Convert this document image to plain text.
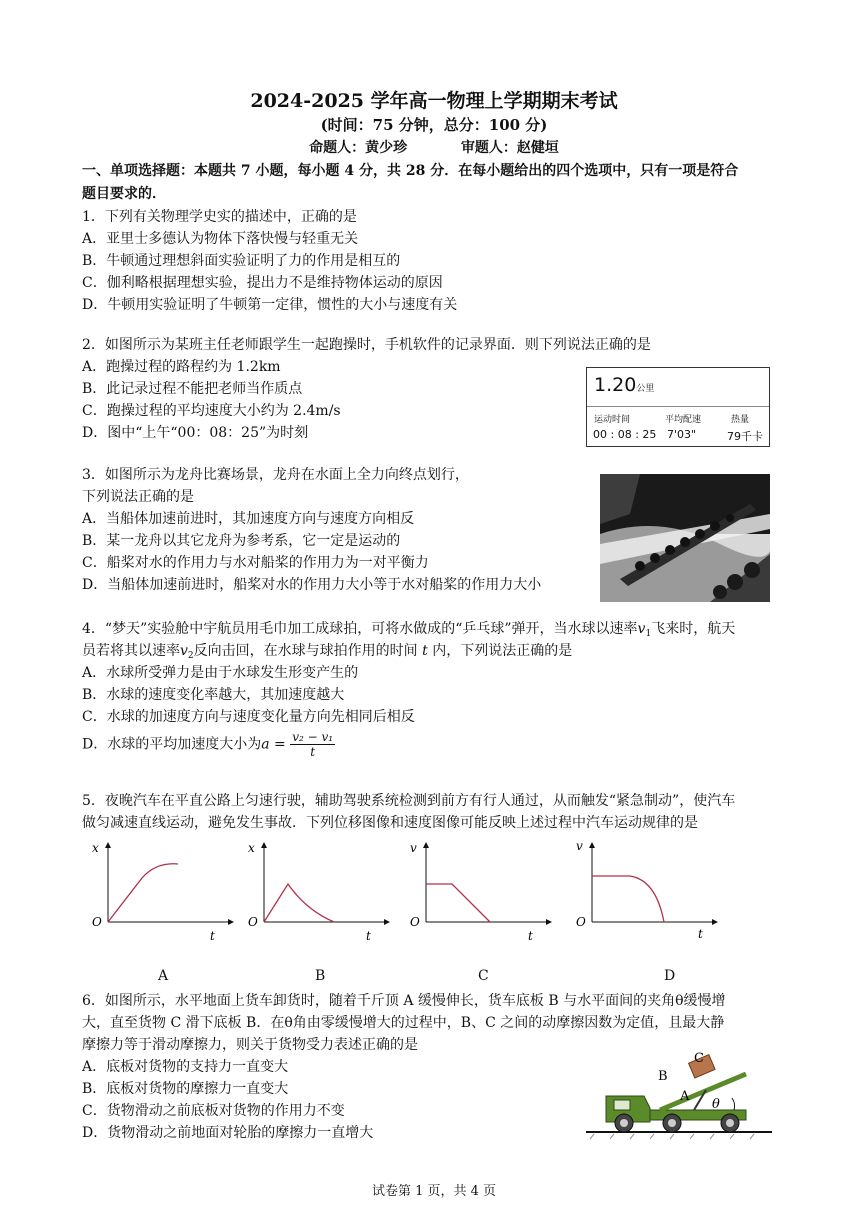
2024-2025 学年高一物理上学期期末考试
(时间：75 分钟，总分：100 分)
命题人：黄少珍	审题人：赵健垣
一、单项选择题：本题共 7 小题，每小题 4 分，共 28 分．在每小题给出的四个选项中，只有一项是符合
题目要求的．
1．下列有关物理学史实的描述中，正确的是
A．亚里士多德认为物体下落快慢与轻重无关
B．牛顿通过理想斜面实验证明了力的作用是相互的
C．伽利略根据理想实验，提出力不是维持物体运动的原因
D．牛顿用实验证明了牛顿第一定律，惯性的大小与速度有关
2．如图所示为某班主任老师跟学生一起跑操时，手机软件的记录界面．则下列说法正确的是
A．跑操过程的路程约为 1.2km
B．此记录过程不能把老师当作质点
C．跑操过程的平均速度大小约为 2.4m/s
D．图中“上午“00：08：25”为时刻
1.20公里
运动时间	平均配速	热量
00 : 08 : 25 7'03"	79千卡
3．如图所示为龙舟比赛场景，龙舟在水面上全力向终点划行，
下列说法正确的是
A．当船体加速前进时，其加速度方向与速度方向相反
B．某一龙舟以其它龙舟为参考系，它一定是运动的
C．船桨对水的作用力与水对船桨的作用力为一对平衡力
D．当船体加速前进时，船桨对水的作用力大小等于水对船桨的作用力大小
4．“梦天”实验舱中宇航员用毛巾加工成球拍，可将水做成的“乒乓球”弹开，当水球以速率$v_1$飞来时，航天
员若将其以速率$v_2$反向击回，在水球与球拍作用的时间 t 内，下列说法正确的是
A．水球所受弹力是由于水球发生形变产生的
B．水球的速度变化率越大，其加速度越大
C．水球的加速度方向与速度变化量方向先相同后相反
D．水球的平均加速度大小为$a = \frac{\text{v₂ − v₁}}{t}$
5．夜晚汽车在平直公路上匀速行驶，辅助驾驶系统检测到前方有行人通过，从而触发“紧急制动”，使汽车
做匀减速直线运动，避免发生事故．下列位移图像和速度图像可能反映上述过程中汽车运动规律的是
x
t
O
x
t
O
v
t
O
v
t
O
A	B	C	D
6．如图所示，水平地面上货车卸货时，随着千斤顶 A 缓慢伸长，货车底板 B 与水平面间的夹角θ缓慢增
大，直至货物 C 滑下底板 B．在θ角由零缓慢增大的过程中，B、C 之间的动摩擦因数为定值，且最大静
摩擦力等于滑动摩擦力，则关于货物受力表述正确的是
A．底板对货物的支持力一直变大
B．底板对货物的摩擦力一直变大
C．货物滑动之前底板对货物的作用力不变
D．货物滑动之前地面对轮胎的摩擦力一直增大
C
B
A
θ
试卷第 1 页，共 4 页
